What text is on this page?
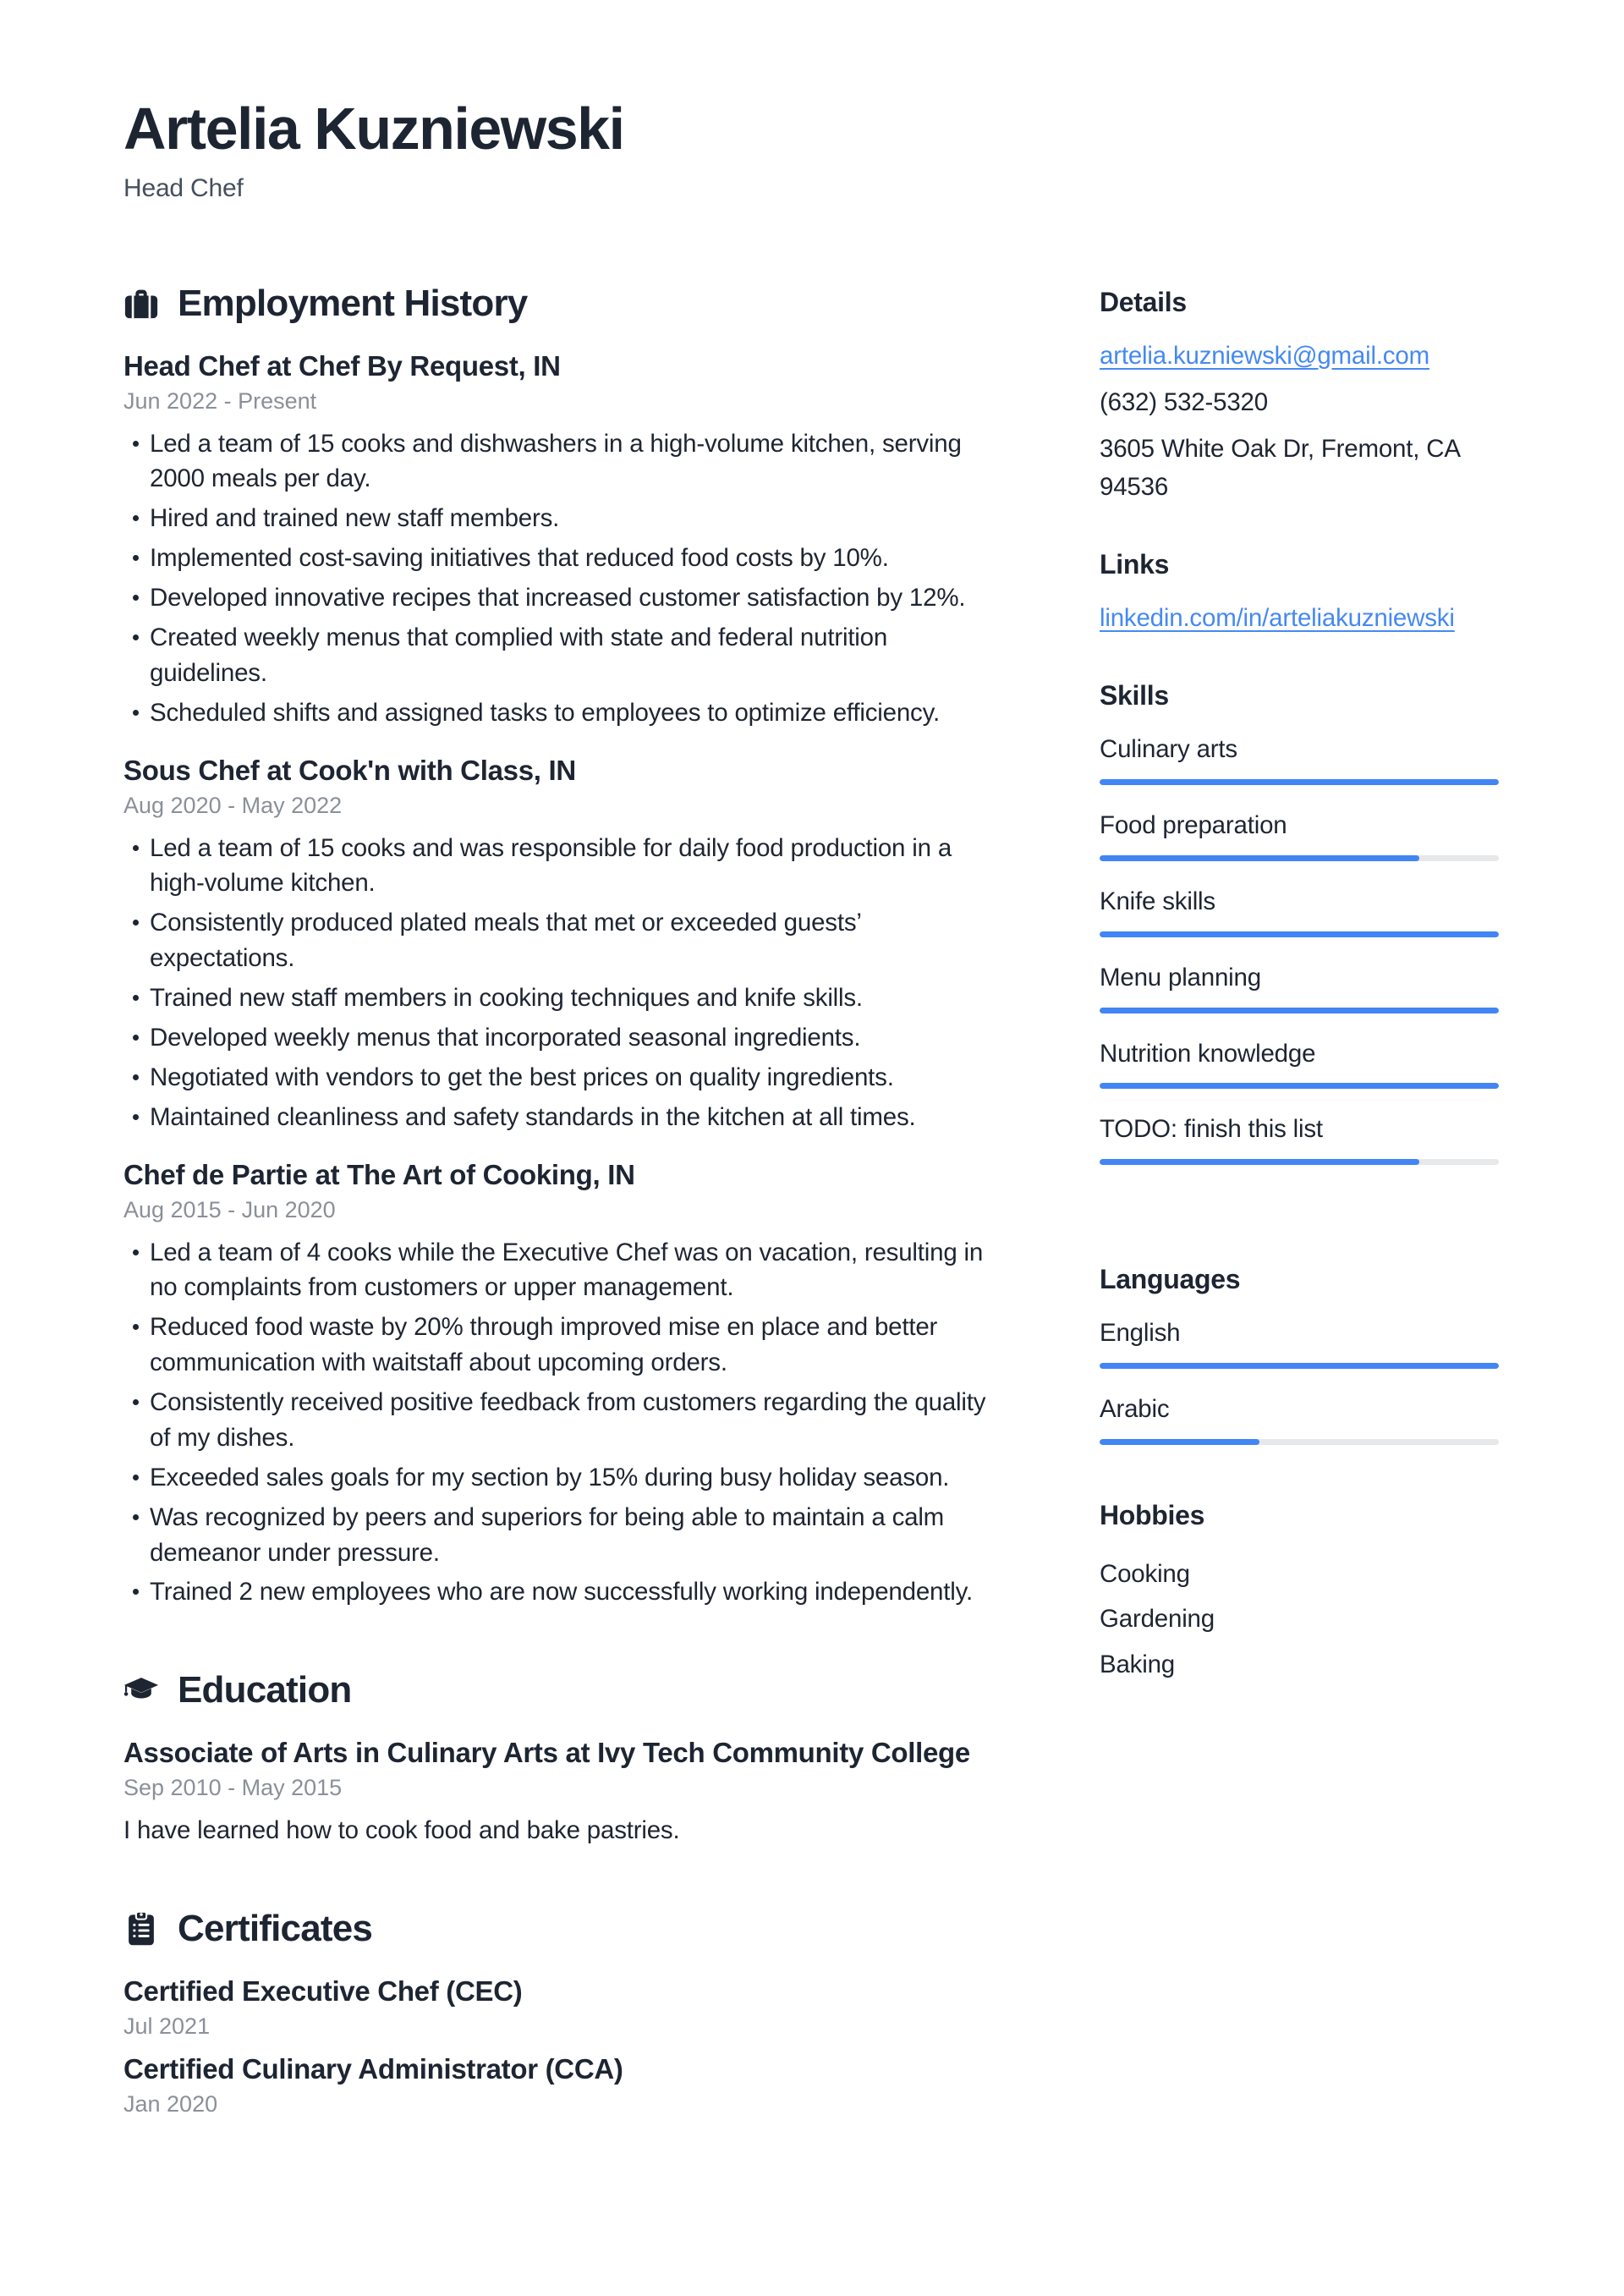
Artelia Kuzniewski
Head Chef
Employment History
Head Chef at Chef By Request, IN
Jun 2022 - Present
Led a team of 15 cooks and dishwashers in a high-volume kitchen, serving 2000 meals per day.
Hired and trained new staff members.
Implemented cost-saving initiatives that reduced food costs by 10%.
Developed innovative recipes that increased customer satisfaction by 12%.
Created weekly menus that complied with state and federal nutrition guidelines.
Scheduled shifts and assigned tasks to employees to optimize efficiency.
Sous Chef at Cook'n with Class, IN
Aug 2020 - May 2022
Led a team of 15 cooks and was responsible for daily food production in a high-volume kitchen.
Consistently produced plated meals that met or exceeded guests’ expectations.
Trained new staff members in cooking techniques and knife skills.
Developed weekly menus that incorporated seasonal ingredients.
Negotiated with vendors to get the best prices on quality ingredients.
Maintained cleanliness and safety standards in the kitchen at all times.
Chef de Partie at The Art of Cooking, IN
Aug 2015 - Jun 2020
Led a team of 4 cooks while the Executive Chef was on vacation, resulting in no complaints from customers or upper management.
Reduced food waste by 20% through improved mise en place and better communication with waitstaff about upcoming orders.
Consistently received positive feedback from customers regarding the quality of my dishes.
Exceeded sales goals for my section by 15% during busy holiday season.
Was recognized by peers and superiors for being able to maintain a calm demeanor under pressure.
Trained 2 new employees who are now successfully working independently.
Education
Associate of Arts in Culinary Arts at Ivy Tech Community College
Sep 2010 - May 2015
I have learned how to cook food and bake pastries.
Certificates
Certified Executive Chef (CEC)
Jul 2021
Certified Culinary Administrator (CCA)
Jan 2020
Details
artelia.kuzniewski@gmail.com
(632) 532-5320
3605 White Oak Dr, Fremont, CA
94536
Links
linkedin.com/in/arteliakuzniewski
Skills
Culinary arts
Food preparation
Knife skills
Menu planning
Nutrition knowledge
TODO: finish this list
Languages
English
Arabic
Hobbies
Cooking
Gardening
Baking
